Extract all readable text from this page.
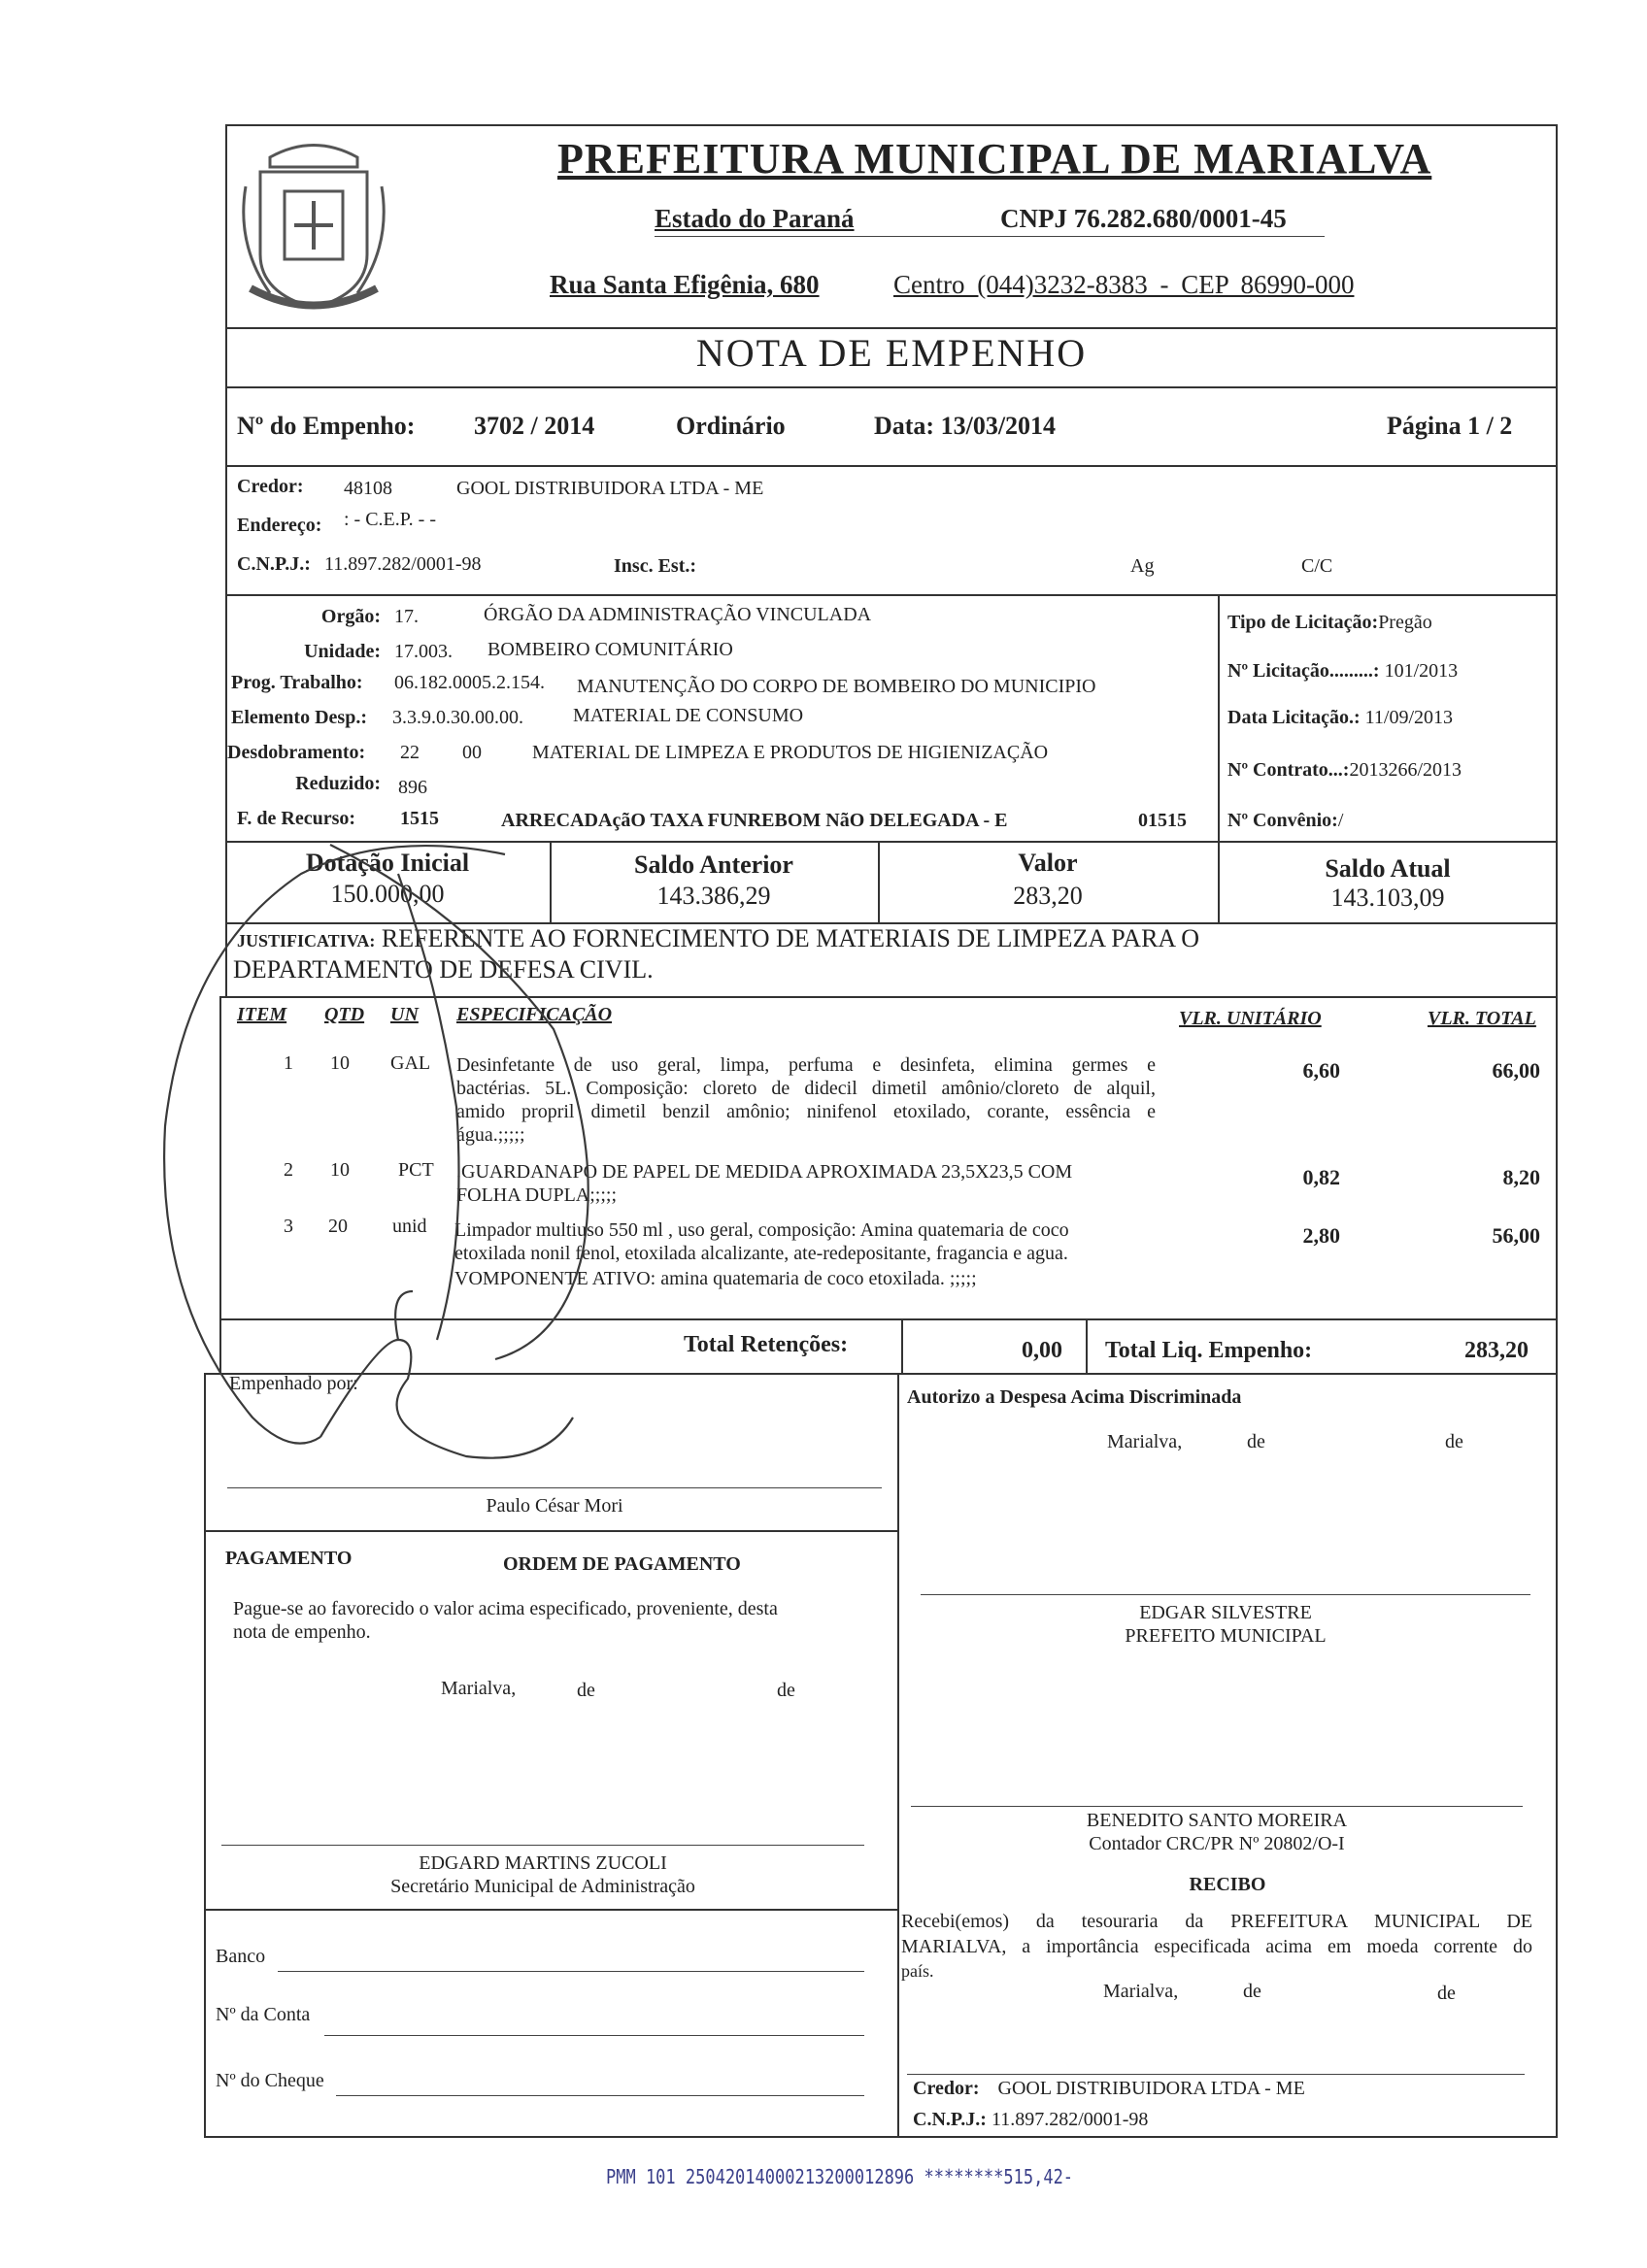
PREFEITURA MUNICIPAL DE MARIALVA
Estado do Paraná	CNPJ 76.282.680/0001-45
Rua Santa Efigênia, 680	Centro (044)3232-8383 - CEP 86990-000
NOTA DE EMPENHO
Nº do Empenho: 3702 / 2014	Ordinário	Data: 13/03/2014	Página 1 / 2
Credor: 48108	GOOL DISTRIBUIDORA LTDA - ME
Endereço: : - C.E.P. - -
C.N.P.J.: 11.897.282/0001-98	Insc. Est.:	Ag	C/C
Orgão: 17.	ÓRGÃO DA ADMINISTRAÇÃO VINCULADA
Unidade: 17.003. BOMBEIRO COMUNITÁRIO
Prog. Trabalho: 06.182.0005.2.154. MANUTENÇÃO DO CORPO DE BOMBEIRO DO MUNICIPIO
Elemento Desp.: 3.3.9.0.30.00.00.	MATERIAL DE CONSUMO
Desdobramento: 22 00	MATERIAL DE LIMPEZA E PRODUTOS DE HIGIENIZAÇÃO
Reduzido: 896
F. de Recurso: 1515	ARRECADAçãO TAXA FUNREBOM NãO DELEGADA - E	01515
Tipo de Licitação:Pregão
Nº Licitação.........: 101/2013
Data Licitação.: 11/09/2013
Nº Contrato...:2013266/2013
Nº Convênio:/
Dotação Inicial
150.000,00
Saldo Anterior
143.386,29
Valor
283,20
Saldo Atual
143.103,09
JUSTIFICATIVA: REFERENTE AO FORNECIMENTO DE MATERIAIS DE LIMPEZA PARA O
DEPARTAMENTO DE DEFESA CIVIL.
ITEM QTD UN ESPECIFICAÇÃO	VLR. UNITÁRIO	VLR. TOTAL
1 10 GAL Desinfetante de uso geral, limpa, perfuma e desinfeta, elimina germes e
bactérias. 5L. Composição: cloreto de didecil dimetil amônio/cloreto de alquil,
amido propril dimetil benzil amônio; ninifenol etoxilado, corante, essência e
água.;;;;;
6,60	66,00
2 10	PCT .GUARDANAPO DE PAPEL DE MEDIDA APROXIMADA 23,5X23,5 COM
FOLHA DUPLA;;;;;
0,82	8,20
3 20 unid Limpador multiuso 550 ml , uso geral, composição: Amina quatemaria de coco
etoxilada nonil fenol, etoxilada alcalizante, ate-redepositante, fragancia e agua.
VOMPONENTE ATIVO: amina quatemaria de coco etoxilada. ;;;;;
2,80	56,00
Total Retenções:	0,00 Total Liq. Empenho:	283,20
Empenhado por:
Paulo César Mori
Autorizo a Despesa Acima Discriminada
Marialva,	de	de
EDGAR SILVESTRE
PREFEITO MUNICIPAL
PAGAMENTO	ORDEM DE PAGAMENTO
Pague-se ao favorecido o valor acima especificado, proveniente, desta
nota de empenho.
Marialva,	de	de
BENEDITO SANTO MOREIRA
Contador CRC/PR Nº 20802/O-I
EDGARD MARTINS ZUCOLI
Secretário Municipal de Administração	RECIBO
Recebi(emos) da tesouraria da PREFEITURA MUNICIPAL DE
MARIALVA, a importância especificada acima em moeda corrente do
país.
Marialva,	de	de
Banco
Nº da Conta
Nº do Cheque	Credor: GOOL DISTRIBUIDORA LTDA - ME
C.N.P.J.: 11.897.282/0001-98
PMM 101 25042014000213200012896 ********515,42-
